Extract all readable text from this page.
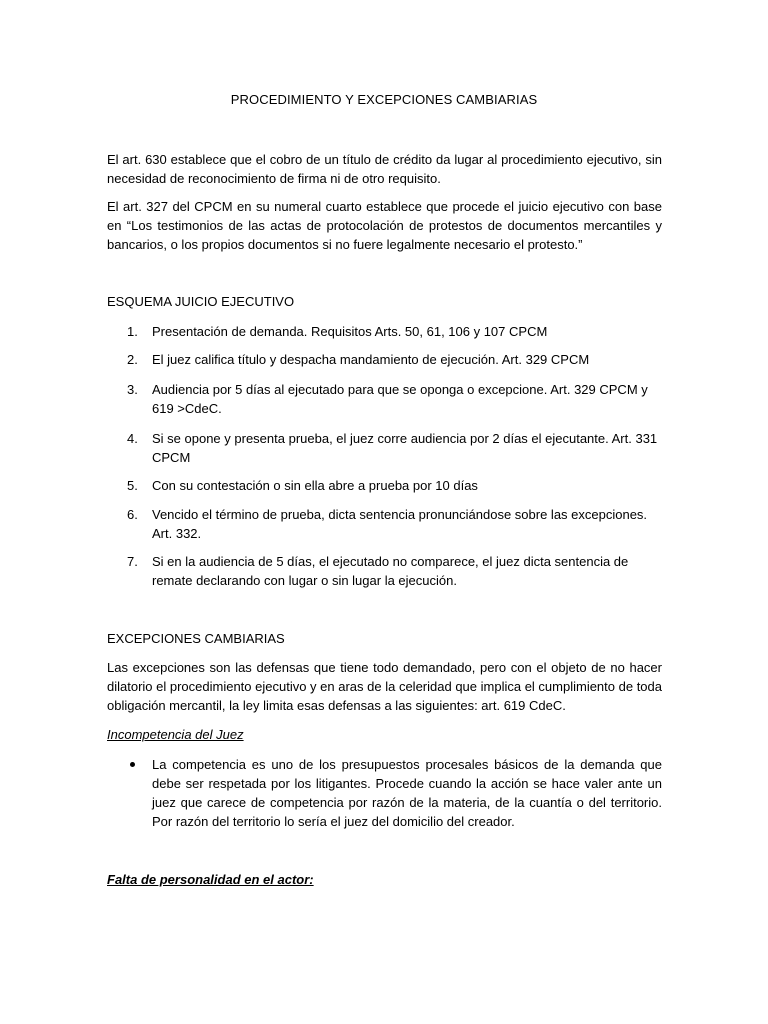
PROCEDIMIENTO Y EXCEPCIONES CAMBIARIAS
El art. 630 establece que el cobro de un título de crédito da lugar al procedimiento ejecutivo, sin necesidad de reconocimiento de firma ni de otro requisito.
El art. 327 del CPCM en su numeral cuarto establece que procede el juicio ejecutivo con base en “Los testimonios de las actas de protocolación de protestos de documentos mercantiles y bancarios, o los propios documentos si no fuere legalmente necesario el protesto.”
ESQUEMA JUICIO EJECUTIVO
1.	Presentación de demanda. Requisitos Arts. 50, 61, 106 y 107 CPCM
2.	El juez califica título y despacha mandamiento de ejecución. Art. 329 CPCM
3.	Audiencia por 5 días al ejecutado para que se oponga o excepcione. Art. 329 CPCM y 619 >CdeC.
4.	Si se opone y presenta prueba, el juez corre audiencia por 2 días el ejecutante. Art. 331 CPCM
5.	Con su contestación o sin ella abre a prueba por 10 días
6.	Vencido el término de prueba, dicta sentencia pronunciándose sobre las excepciones. Art. 332.
7.	Si en la audiencia de 5 días, el ejecutado no comparece, el juez dicta sentencia de remate declarando con lugar o sin lugar la ejecución.
EXCEPCIONES CAMBIARIAS
Las excepciones son las defensas que tiene todo demandado, pero con el objeto de no hacer dilatorio el procedimiento ejecutivo y en aras de la celeridad que implica el cumplimiento de toda obligación mercantil, la ley limita esas defensas a las siguientes: art. 619 CdeC.
Incompetencia del Juez
La competencia es uno de los presupuestos procesales básicos de la demanda que debe ser respetada por los litigantes. Procede cuando la acción se hace valer ante un juez que carece de competencia por razón de la materia, de la cuantía o del territorio. Por razón del territorio lo sería el juez del domicilio del creador.
Falta de personalidad en el actor:
